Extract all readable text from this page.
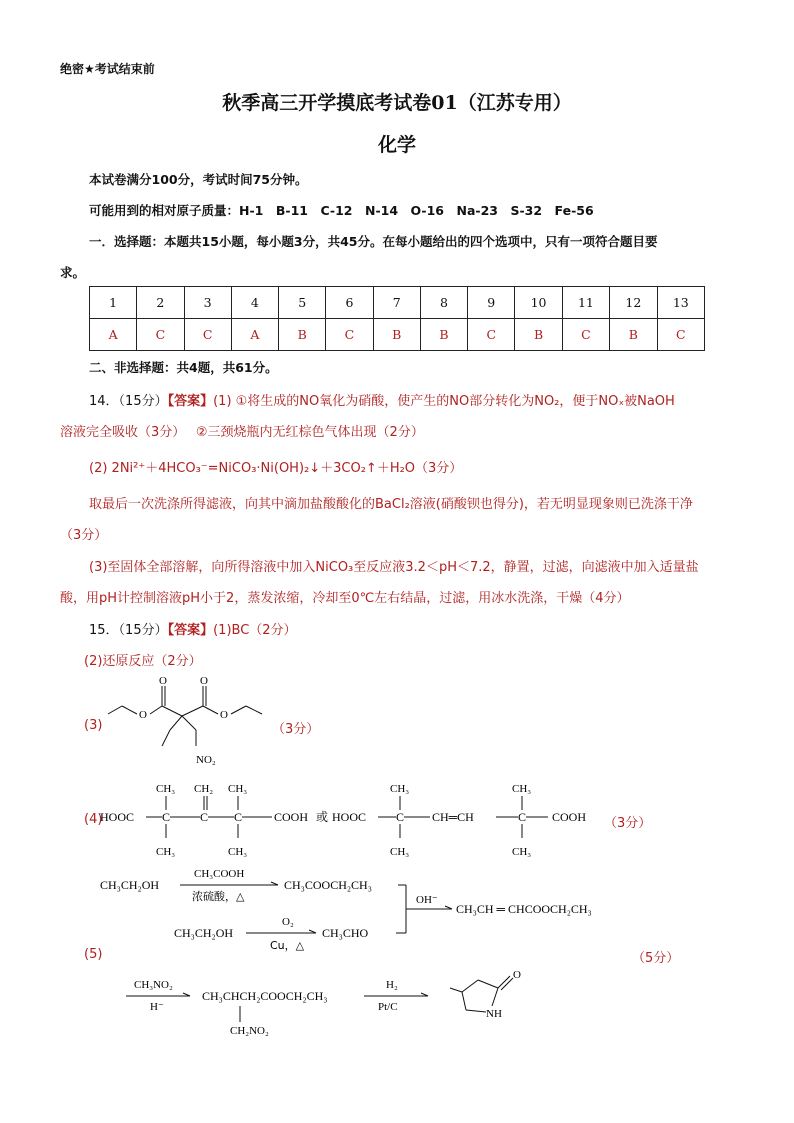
绝密★考试结束前
秋季高三开学摸底考试卷01（江苏专用）
化学
本试卷满分100分，考试时间75分钟。
可能用到的相对原子质量：H-1　B-11　C-12　N-14　O-16　Na-23　S-32　Fe-56
一．选择题：本题共15小题，每小题3分，共45分。在每小题给出的四个选项中，只有一项符合题目要
求。
1	2	3	4	5	6	7	8	9	10	11	12	13
A	C	C	A	B	C	B	B	C	B	C	B	C
二、非选择题：共4题，共61分。
14．（15分）【答案】(1) ①将生成的NO氧化为硝酸，使产生的NO部分转化为NO₂，便于NOₓ被NaOH
溶液完全吸收（3分）　 ②三颈烧瓶内无红棕色气体出现（2分）
(2) 2Ni²⁺＋4HCO₃⁻=NiCO₃·Ni(OH)₂↓＋3CO₂↑＋H₂O（3分）
取最后一次洗涤所得滤液，向其中滴加盐酸酸化的BaCl₂溶液(硝酸钡也得分)，若无明显现象则已洗涤干净
（3分）
(3)至固体全部溶解，向所得溶液中加入NiCO₃至反应液3.2＜pH＜7.2，静置，过滤，向滤液中加入适量盐
酸，用pH计控制溶液pH小于2，蒸发浓缩，冷却至0℃左右结晶，过滤，用冰水洗涤，干燥（4分）
15．（15分）【答案】(1)BC（2分）
(2)还原反应（2分）
(3)	（3分）
O	O
O	O
NO₂
(4)
HOOC C C C	COOH
CH₃
CH₃
CH₂ CH₃
CH₃
或 HOOC C CH═CH	C COOH
CH₃
CH₃
CH₃
CH₃
（3分）
CH₃CH₂OH
CH₃COOH
浓硫酸，△
CH₃COOCH₂CH₃
CH₃CH₂OH
O₂
Cu，△
CH₃CHO
OH⁻
CH₃CH ═ CHCOOCH₂CH₃
(5)	（5分）
CH₃NO₂
H⁻
CH₃CHCH₂COOCH₂CH₃
CH₂NO₂
H₂
Pt/C
O
NH
